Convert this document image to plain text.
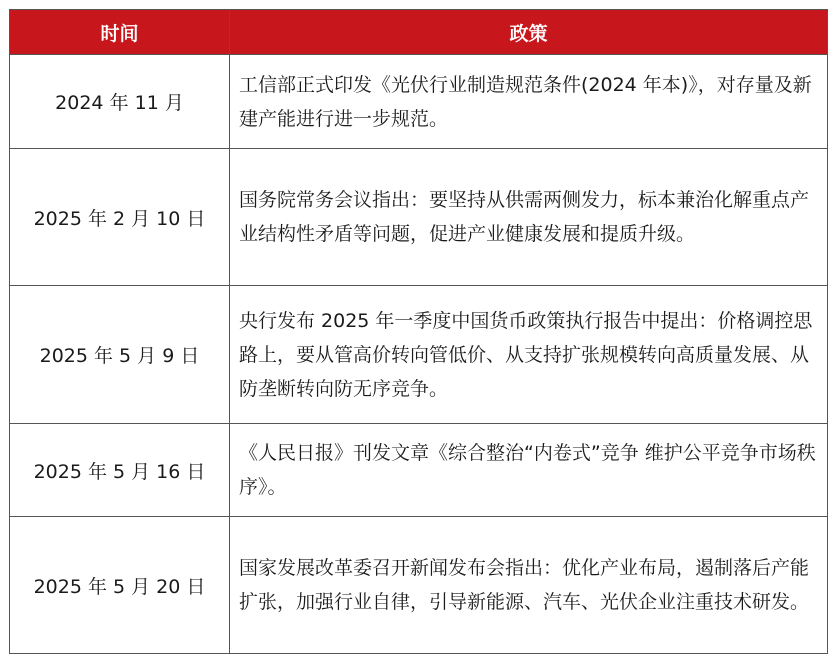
时间	政策
2024 年 11 月	工信部正式印发《光伏行业制造规范条件(2024 年本)》，对存量及新建产能进行进一步规范。
2025 年 2 月 10 日	国务院常务会议指出：要坚持从供需两侧发力，标本兼治化解重点产业结构性矛盾等问题，促进产业健康发展和提质升级。
2025 年 5 月 9 日	央行发布 2025 年一季度中国货币政策执行报告中提出：价格调控思路上，要从管高价转向管低价、从支持扩张规模转向高质量发展、从防垄断转向防无序竞争。
2025 年 5 月 16 日	《人民日报》刊发文章《综合整治“内卷式”竞争 维护公平竞争市场秩序》。
2025 年 5 月 20 日	国家发展改革委召开新闻发布会指出：优化产业布局，遏制落后产能扩张，加强行业自律，引导新能源、汽车、光伏企业注重技术研发。
